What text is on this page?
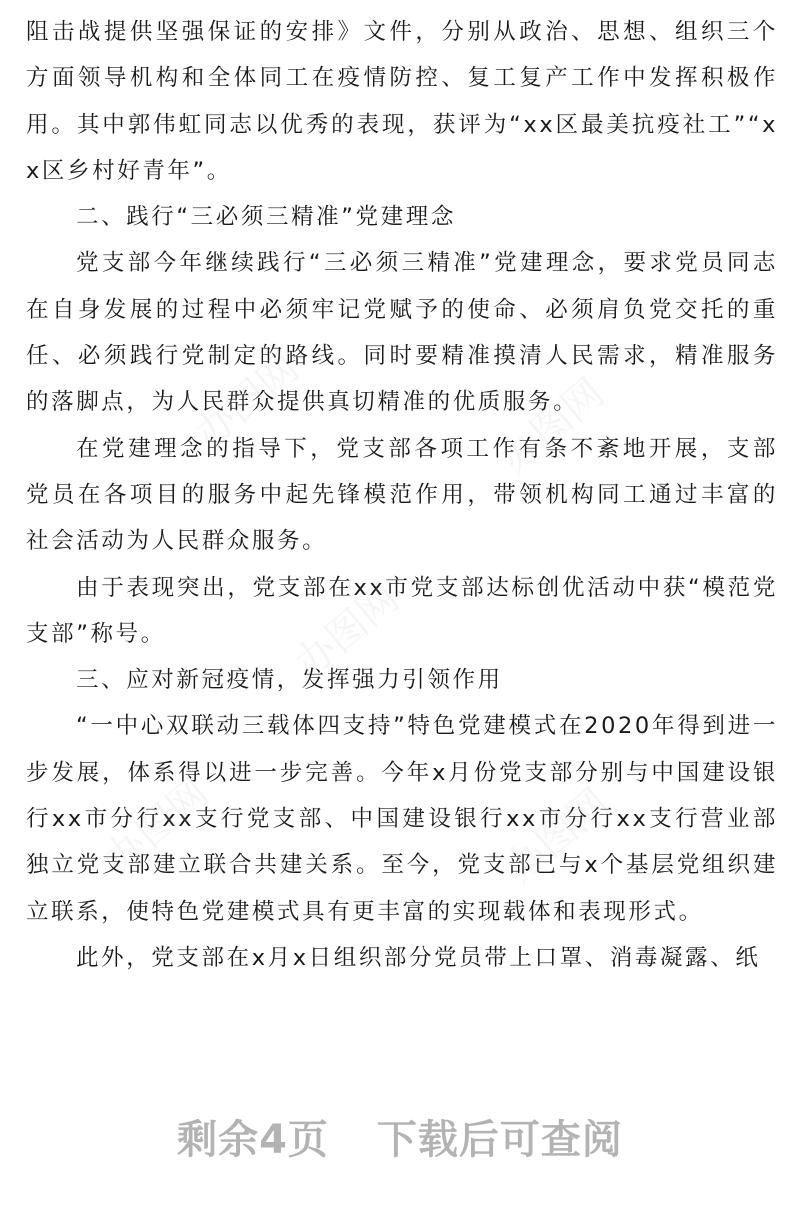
阻击战提供坚强保证的安排》文件，分别从政治、思想、组织三个方面领导机构和全体同工在疫情防控、复工复产工作中发挥积极作用。其中郭伟虹同志以优秀的表现，获评为“xx区最美抗疫社工”“xx区乡村好青年”。

二、践行“三必须三精准”党建理念

党支部今年继续践行“三必须三精准”党建理念，要求党员同志在自身发展的过程中必须牢记党赋予的使命、必须肩负党交托的重任、必须践行党制定的路线。同时要精准摸清人民需求，精准服务的落脚点，为人民群众提供真切精准的优质服务。

在党建理念的指导下，党支部各项工作有条不紊地开展，支部党员在各项目的服务中起先锋模范作用，带领机构同工通过丰富的社会活动为人民群众服务。

由于表现突出，党支部在xx市党支部达标创优活动中获“模范党支部”称号。

三、应对新冠疫情，发挥强力引领作用

“一中心双联动三载体四支持”特色党建模式在2020年得到进一步发展，体系得以进一步完善。今年x月份党支部分别与中国建设银行xx市分行xx支行党支部、中国建设银行xx市分行xx支行营业部独立党支部建立联合共建关系。至今，党支部已与x个基层党组织建立联系，使特色党建模式具有更丰富的实现载体和表现形式。

此外，党支部在x月x日组织部分党员带上口罩、消毒凝露、纸

办图网	办图网
办图网
办图网	办图网
剩余4页 下载后可查阅
